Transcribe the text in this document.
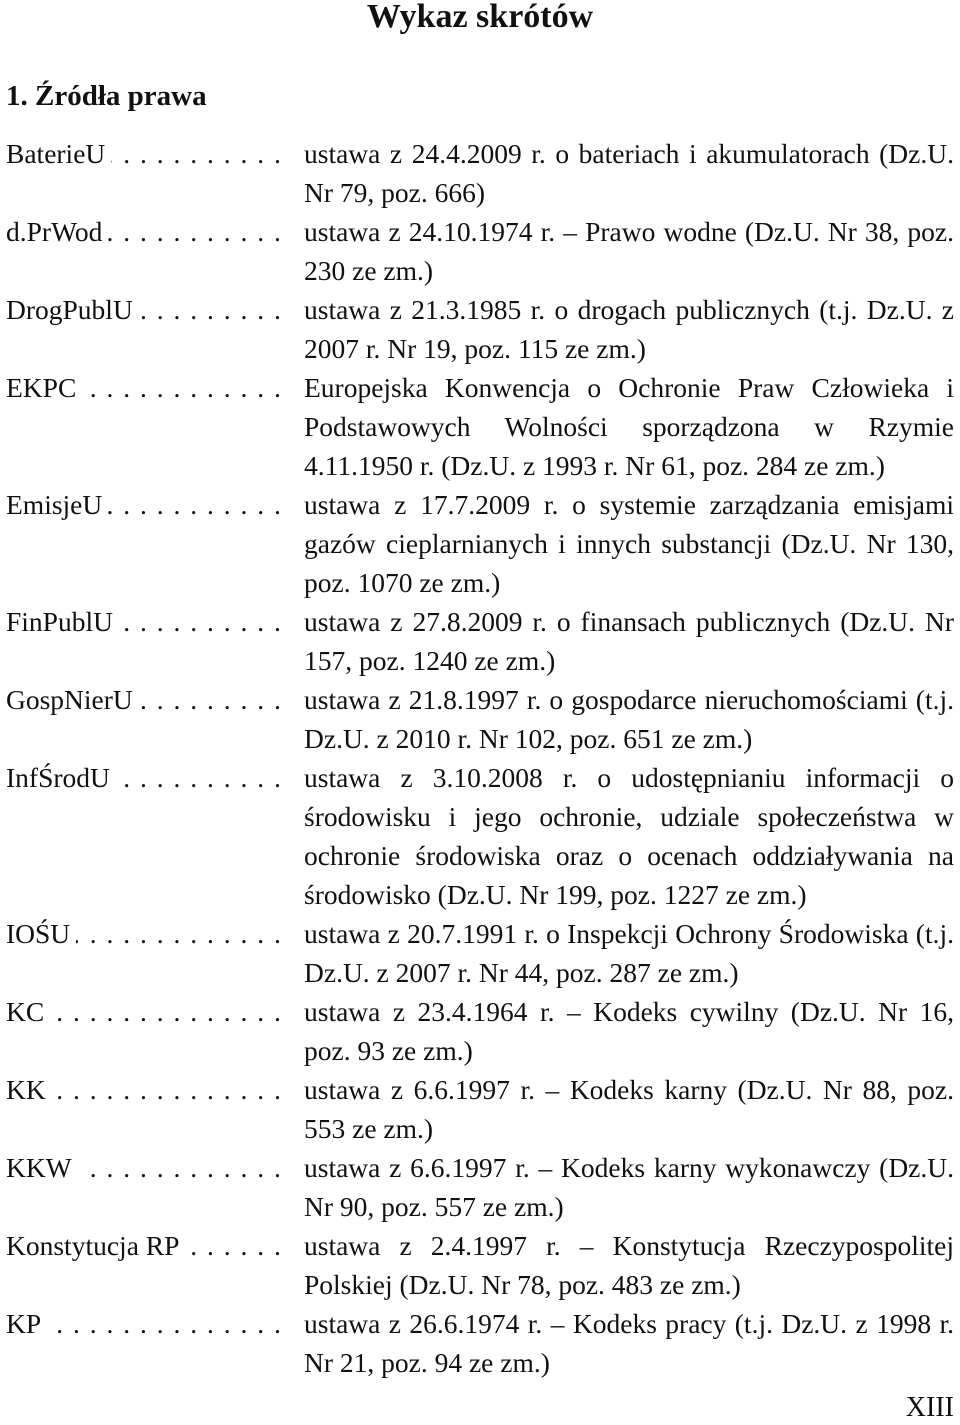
Wykaz skrótów
1. Źródła prawa
BaterieU . . .	ustawa z 24.4.2009 r. o bateriach i akumulatorach (Dz.U. Nr 79, poz. 666)
d.PrWod . . .	ustawa z 24.10.1974 r. – Prawo wodne (Dz.U. Nr 38, poz. 230 ze zm.)
DrogPublU . . .	ustawa z 21.3.1985 r. o drogach publicznych (t.j. Dz.U. z 2007 r. Nr 19, poz. 115 ze zm.)
EKPC . . .	Europejska Konwencja o Ochronie Praw Człowieka i Podstawowych Wolności sporządzona w Rzymie 4.11.1950 r. (Dz.U. z 1993 r. Nr 61, poz. 284 ze zm.)
EmisjeU . . .	ustawa z 17.7.2009 r. o systemie zarządzania emisjami gazów cieplarnianych i innych substancji (Dz.U. Nr 130, poz. 1070 ze zm.)
FinPublU . . .	ustawa z 27.8.2009 r. o finansach publicznych (Dz.U. Nr 157, poz. 1240 ze zm.)
GospNierU . . .	ustawa z 21.8.1997 r. o gospodarce nieruchomościami (t.j. Dz.U. z 2010 r. Nr 102, poz. 651 ze zm.)
InfŚrodU . . .	ustawa z 3.10.2008 r. o udostępnianiu informacji o środowisku i jego ochronie, udziale społeczeństwa w ochronie środowiska oraz o ocenach oddziaływania na środowisko (Dz.U. Nr 199, poz. 1227 ze zm.)
IOŚU . . .	ustawa z 20.7.1991 r. o Inspekcji Ochrony Środowiska (t.j. Dz.U. z 2007 r. Nr 44, poz. 287 ze zm.)
KC . . .	ustawa z 23.4.1964 r. – Kodeks cywilny (Dz.U. Nr 16, poz. 93 ze zm.)
KK . . .	ustawa z 6.6.1997 r. – Kodeks karny (Dz.U. Nr 88, poz. 553 ze zm.)
KKW . . .	ustawa z 6.6.1997 r. – Kodeks karny wykonawczy (Dz.U. Nr 90, poz. 557 ze zm.)
Konstytucja RP . . .	ustawa z 2.4.1997 r. – Konstytucja Rzeczypospolitej Polskiej (Dz.U. Nr 78, poz. 483 ze zm.)
KP . . .	ustawa z 26.6.1974 r. – Kodeks pracy (t.j. Dz.U. z 1998 r. Nr 21, poz. 94 ze zm.)
XIII
